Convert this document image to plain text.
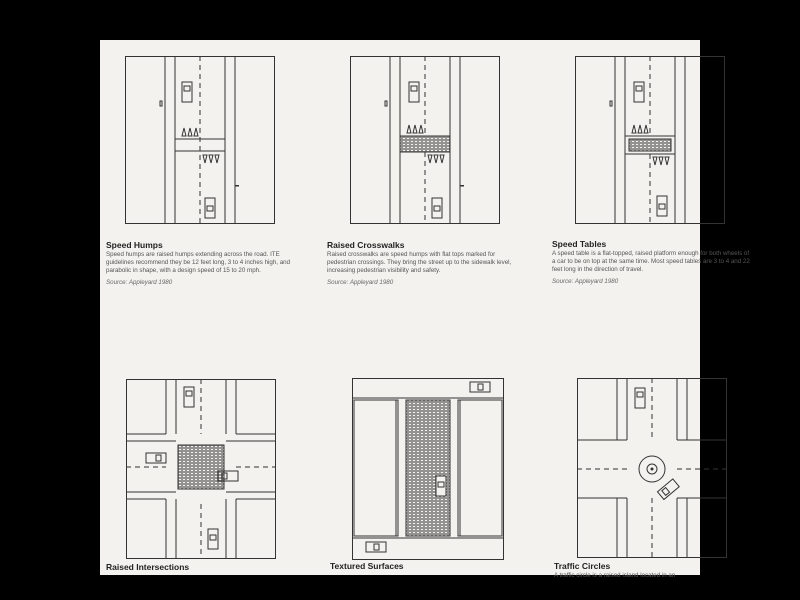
Speed Humps

Speed humps are raised humps extending across the road. ITE guidelines recommend they be 12 feet long, 3 to 4 inches high, and parabolic in shape, with a design speed of 15 to 20 mph.

Source: Appleyard 1980

Raised Crosswalks

Raised crosswalks are speed humps with flat tops marked for pedestrian crossings. They bring the street up to the sidewalk level, increasing pedestrian visibility and safety.

Source: Appleyard 1980

Speed Tables

A speed table is a flat-topped, raised platform enough for both wheels of a car to be on top at the same time. Most speed tables are 3 to 4 and 22 feet long in the direction of travel.

Source: Appleyard 1980

Raised Intersections	Textured Surfaces	Traffic Circles

A traffic circle is a raised island located in an
